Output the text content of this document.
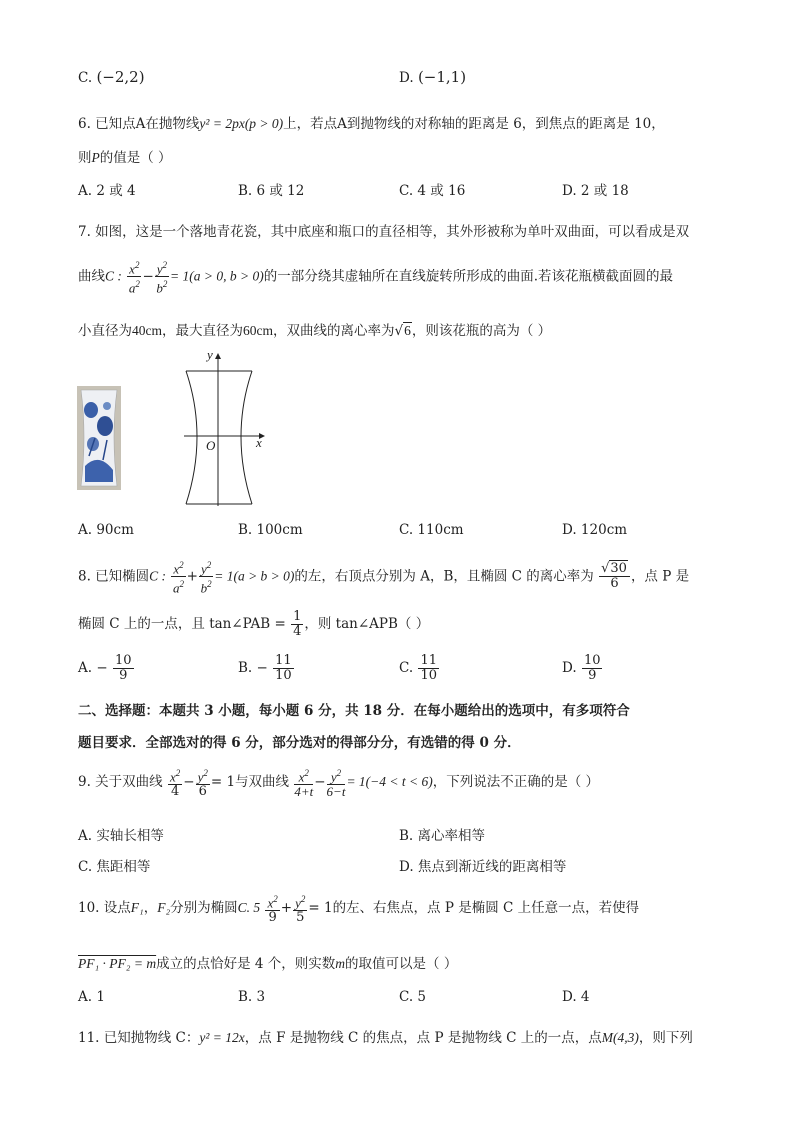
C. (−2,2)	D. (−1,1)
6. 已知点A在抛物线y² = 2px(p > 0)上，若点A到抛物线的对称轴的距离是 6，到焦点的距离是 10，
则P的值是（ ）
A. 2 或 4	B. 6 或 12	C. 4 或 16	D. 2 或 18
7. 如图，这是一个落地青花瓷，其中底座和瓶口的直径相等，其外形被称为单叶双曲面，可以看成是双
曲线C : $\frac{x^2}{a^2} - \frac{y^2}{b^2} = 1(a > 0$, b > 0)的一部分绕其虚轴所在直线旋转所形成的曲面.若该花瓶横截面圆的最
小直径为40cm，最大直径为60cm，双曲线的离心率为√6，则该花瓶的高为（ ）
y
x
O
A. 90cm	B. 100cm	C. 110cm	D. 120cm
8. 已知椭圆C : $\frac{x^2}{a^2} + \frac{y^2}{b^2} = 1(a > b > 0)$的左，右顶点分别为 A，B，且椭圆 C 的离心率为 $\frac{√30}{6}$ ，点 P 是
椭圆 C 上的一点，且 tan∠PAB = $\frac{1}{4}$ ，则 tan∠APB（ ）
A. − $\frac{10}{9}$	B. − $\frac{11}{10}$	C. $\frac{11}{10}$	D. $\frac{10}{9}$
二、选择题：本题共 3 小题，每小题 6 分，共 18 分．在每小题给出的选项中，有多项符合
题目要求．全部选对的得 6 分，部分选对的得部分分，有选错的得 0 分．
9. 关于双曲线 $\frac{x^2}{4} - \frac{y^2}{6} = 1$与双曲线 $\frac{x^2}{4+t} - \frac{y^2}{6-t} = 1(-4 < t < 6)$，下列说法不正确的是（ ）
A. 实轴长相等	B. 离心率相等
C. 焦距相等	D. 焦点到渐近线的距离相等
10. 设点F₁，F₂分别为椭圆C. $5 \frac{x^2}{9} + \frac{y^2}{5} = 1$的左、右焦点，点 P 是椭圆 C 上任意一点，若使得
PF₁ · PF₂ = m成立的点恰好是 4 个，则实数m的取值可以是（ ）
A. 1	B. 3	C. 5	D. 4
11. 已知抛物线 C：y² = 12x，点 F 是抛物线 C 的焦点，点 P 是抛物线 C 上的一点，点M(4,3)，则下列
